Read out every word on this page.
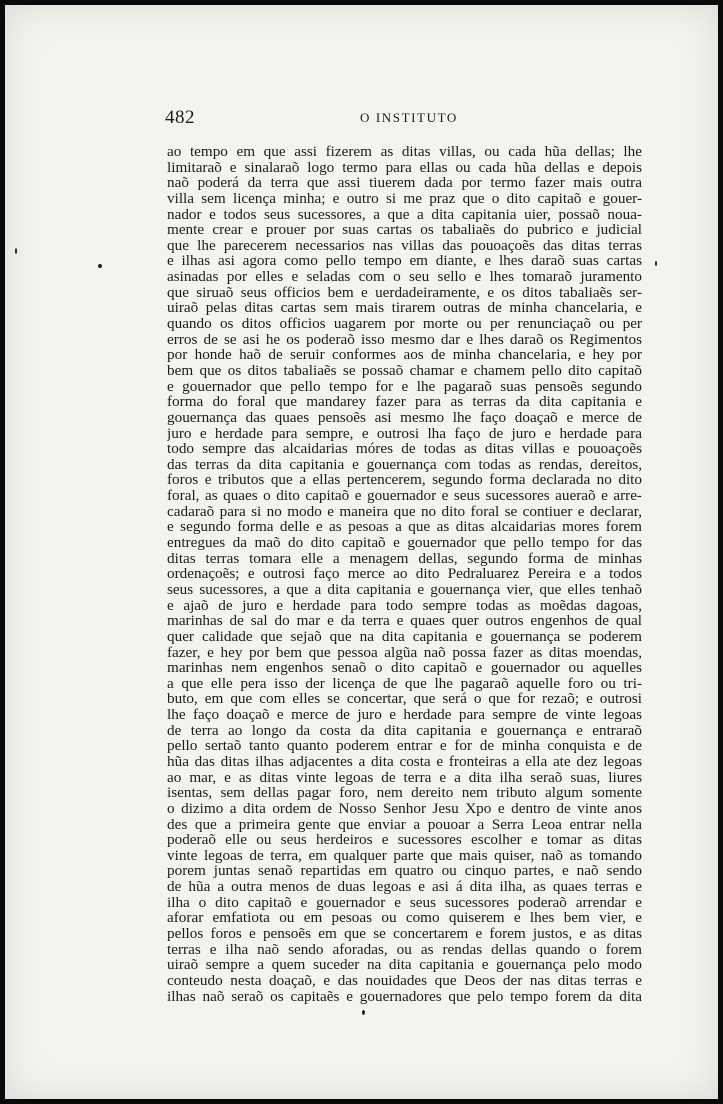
482	O INSTITUTO
ao tempo em que assi fizerem as ditas villas, ou cada hũa dellas; lhe
limitaraõ e sinalaraõ logo termo para ellas ou cada hũa dellas e depois
naõ poderá da terra que assi tiuerem dada por termo fazer mais outra
villa sem licença minha; e outro si me praz que o dito capitaõ e gouer-
nador e todos seus sucessores, a que a dita capitania uier, possaõ noua-
mente crear e prouer por suas cartas os tabaliaẽs do pubrico e judicial
que lhe parecerem necessarios nas villas das pouoaçoẽs das ditas terras
e ilhas asi agora como pello tempo em diante, e lhes daraõ suas cartas
asinadas por elles e seladas com o seu sello e lhes tomaraõ juramento
que siruaõ seus officios bem e uerdadeiramente, e os ditos tabaliaẽs ser-
uiraõ pelas ditas cartas sem mais tirarem outras de minha chancelaria, e
quando os ditos officios uagarem por morte ou per renunciaçaõ ou per
erros de se asi he os poderaõ isso mesmo dar e lhes daraõ os Regimentos
por honde haõ de seruir conformes aos de minha chancelaria, e hey por
bem que os ditos tabaliaẽs se possaõ chamar e chamem pello dito capitaõ
e gouernador que pello tempo for e lhe pagaraõ suas pensoẽs segundo
forma do foral que mandarey fazer para as terras da dita capitania e
gouernança das quaes pensoẽs asi mesmo lhe faço doaçaõ e merce de
juro e herdade para sempre, e outrosi lha faço de juro e herdade para
todo sempre das alcaidarias móres de todas as ditas villas e pouoaçoẽs
das terras da dita capitania e gouernança com todas as rendas, dereitos,
foros e tributos que a ellas pertencerem, segundo forma declarada no dito
foral, as quaes o dito capitaõ e gouernador e seus sucessores aueraõ e arre-
cadaraõ para si no modo e maneira que no dito foral se contiuer e declarar,
e segundo forma delle e as pesoas a que as ditas alcaidarias mores forem
entregues da maõ do dito capitaõ e gouernador que pello tempo for das
ditas terras tomara elle a menagem dellas, segundo forma de minhas
ordenaçoẽs; e outrosi faço merce ao dito Pedraluarez Pereira e a todos
seus sucessores, a que a dita capitania e gouernança vier, que elles tenhaõ
e ajaõ de juro e herdade para todo sempre todas as moẽdas dagoas,
marinhas de sal do mar e da terra e quaes quer outros engenhos de qual
quer calidade que sejaõ que na dita capitania e gouernança se poderem
fazer, e hey por bem que pessoa algũa naõ possa fazer as ditas moendas,
marinhas nem engenhos senaõ o dito capitaõ e gouernador ou aquelles
a que elle pera isso der licença de que lhe pagaraõ aquelle foro ou tri-
buto, em que com elles se concertar, que será o que for rezaõ; e outrosi
lhe faço doaçaõ e merce de juro e herdade para sempre de vinte legoas
de terra ao longo da costa da dita capitania e gouernança e entraraõ
pello sertaõ tanto quanto poderem entrar e for de minha conquista e de
hũa das ditas ilhas adjacentes a dita costa e fronteiras a ella ate dez legoas
ao mar, e as ditas vinte legoas de terra e a dita ilha seraõ suas, liures
isentas, sem dellas pagar foro, nem dereito nem tributo algum somente
o dizimo a dita ordem de Nosso Senhor Jesu Xpo e dentro de vinte anos
des que a primeira gente que enviar a pouoar a Serra Leoa entrar nella
poderaõ elle ou seus herdeiros e sucessores escolher e tomar as ditas
vinte legoas de terra, em qualquer parte que mais quiser, naõ as tomando
porem juntas senaõ repartidas em quatro ou cinquo partes, e naõ sendo
de hũa a outra menos de duas legoas e asi á dita ilha, as quaes terras e
ilha o dito capitaõ e gouernador e seus sucessores poderaõ arrendar e
aforar emfatiota ou em pesoas ou como quiserem e lhes bem vier, e
pellos foros e pensoẽs em que se concertarem e forem justos, e as ditas
terras e ilha naõ sendo aforadas, ou as rendas dellas quando o forem
uiraõ sempre a quem suceder na dita capitania e gouernança pelo modo
conteudo nesta doaçaõ, e das nouidades que Deos der nas ditas terras e
ilhas naõ seraõ os capitaẽs e gouernadores que pelo tempo forem da dita
